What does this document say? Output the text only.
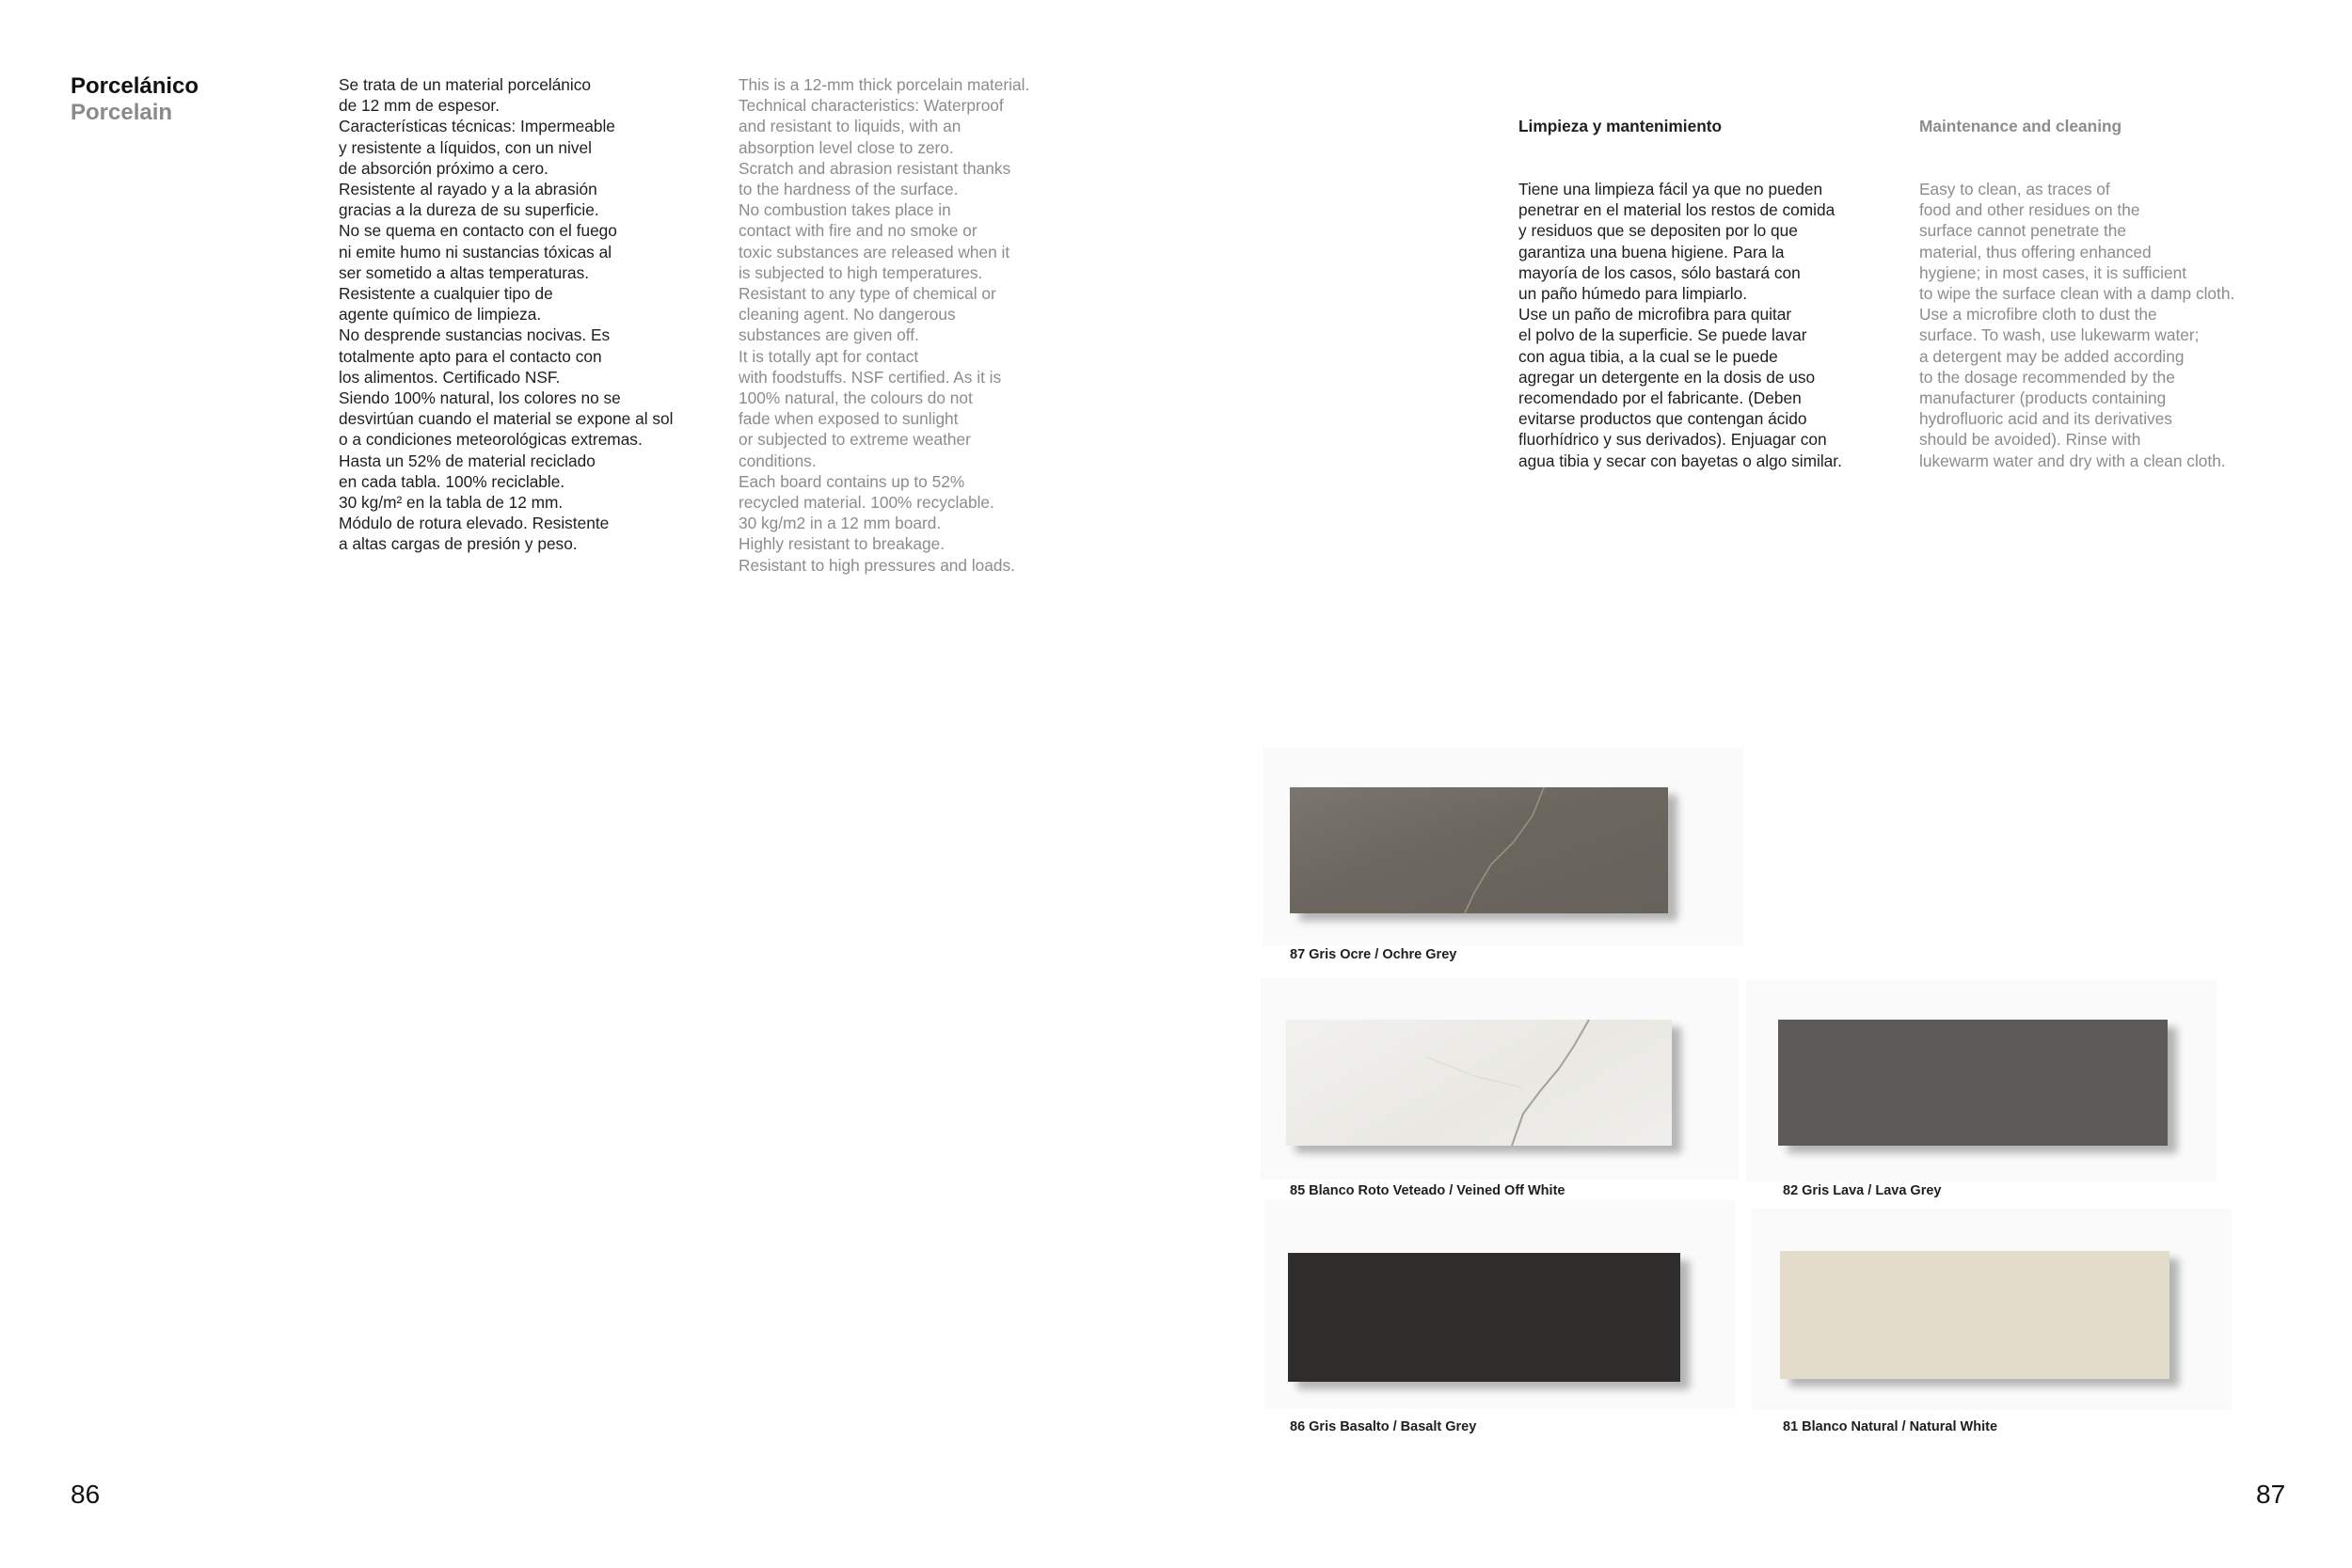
Porcelánico
Porcelain
Se trata de un material porcelánico
de 12 mm de espesor.
Características técnicas: Impermeable
y resistente a líquidos, con un nivel
de absorción próximo a cero.
Resistente al rayado y a la abrasión
gracias a la dureza de su superficie.
No se quema en contacto con el fuego
ni emite humo ni sustancias tóxicas al
ser sometido a altas temperaturas.
Resistente a cualquier tipo de
agente químico de limpieza.
No desprende sustancias nocivas. Es
totalmente apto para el contacto con
los alimentos. Certificado NSF.
Siendo 100% natural, los colores no se
desvirtúan cuando el material se expone al sol
o a condiciones meteorológicas extremas.
Hasta un 52% de material reciclado
en cada tabla. 100% reciclable.
30 kg/m² en la tabla de 12 mm.
Módulo de rotura elevado. Resistente
a altas cargas de presión y peso.
This is a 12-mm thick porcelain material.
Technical characteristics: Waterproof
and resistant to liquids, with an
absorption level close to zero.
Scratch and abrasion resistant thanks
to the hardness of the surface.
No combustion takes place in
contact with fire and no smoke or
toxic substances are released when it
is subjected to high temperatures.
Resistant to any type of chemical or
cleaning agent. No dangerous
substances are given off.
It is totally apt for contact
with foodstuffs. NSF certified. As it is
100% natural, the colours do not
fade when exposed to sunlight
or subjected to extreme weather
conditions.
Each board contains up to 52%
recycled material. 100% recyclable.
30 kg/m2 in a 12 mm board.
Highly resistant to breakage.
Resistant to high pressures and loads.
86

Limpieza y mantenimiento

Tiene una limpieza fácil ya que no pueden
penetrar en el material los restos de comida
y residuos que se depositen por lo que
garantiza una buena higiene. Para la
mayoría de los casos, sólo bastará con
un paño húmedo para limpiarlo.
Use un paño de microfibra para quitar
el polvo de la superficie. Se puede lavar
con agua tibia, a la cual se le puede
agregar un detergente en la dosis de uso
recomendado por el fabricante. (Deben
evitarse productos que contengan ácido
fluorhídrico y sus derivados). Enjuagar con
agua tibia y secar con bayetas o algo similar.

Maintenance and cleaning

Easy to clean, as traces of
food and other residues on the
surface cannot penetrate the
material, thus offering enhanced
hygiene; in most cases, it is sufficient
to wipe the surface clean with a damp cloth.
Use a microfibre cloth to dust the
surface. To wash, use lukewarm water;
a detergent may be added according
to the dosage recommended by the
manufacturer (products containing
hydrofluoric acid and its derivatives
should be avoided). Rinse with
lukewarm water and dry with a clean cloth.

87 Gris Ocre / Ochre Grey
85 Blanco Roto Veteado / Veined Off White	82 Gris Lava / Lava Grey
86 Gris Basalto / Basalt Grey	81 Blanco Natural / Natural White
87
